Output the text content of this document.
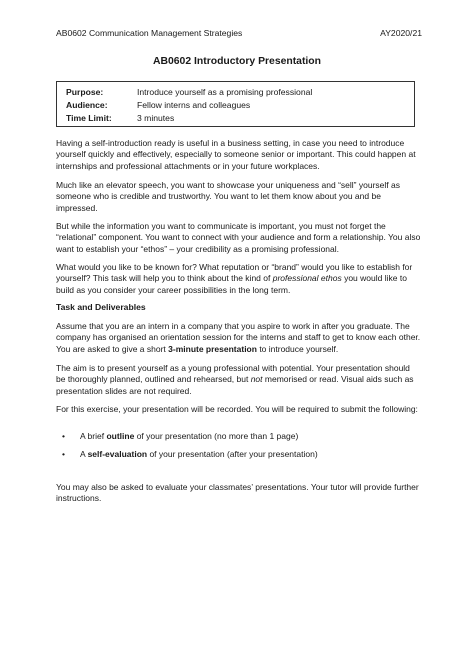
AB0602 Communication Management Strategies	AY2020/21
AB0602 Introductory Presentation
Purpose:	Introduce yourself as a promising professional
Audience:	Fellow interns and colleagues
Time Limit:	3 minutes

Having a self-introduction ready is useful in a business setting, in case you need to introduce yourself quickly and effectively, especially to someone senior or important. This could happen at internships and professional attachments or in your future workplaces.

Much like an elevator speech, you want to showcase your uniqueness and “sell” yourself as someone who is credible and trustworthy. You want to let them know about you and be impressed.

But while the information you want to communicate is important, you must not forget the “relational” component. You want to connect with your audience and form a relationship. You also want to establish your “ethos” – your credibility as a promising professional.

What would you like to be known for? What reputation or “brand” would you like to establish for yourself? This task will help you to think about the kind of professional ethos you would like to build as you consider your career possibilities in the long term.

Task and Deliverables

Assume that you are an intern in a company that you aspire to work in after you graduate. The company has organised an orientation session for the interns and staff to get to know each other. You are asked to give a short 3-minute presentation to introduce yourself.

The aim is to present yourself as a young professional with potential. Your presentation should be thoroughly planned, outlined and rehearsed, but not memorised or read. Visual aids such as presentation slides are not required.

For this exercise, your presentation will be recorded. You will be required to submit the following:

•	A brief outline of your presentation (no more than 1 page)
•	A self-evaluation of your presentation (after your presentation)

You may also be asked to evaluate your classmates’ presentations. Your tutor will provide further instructions.
